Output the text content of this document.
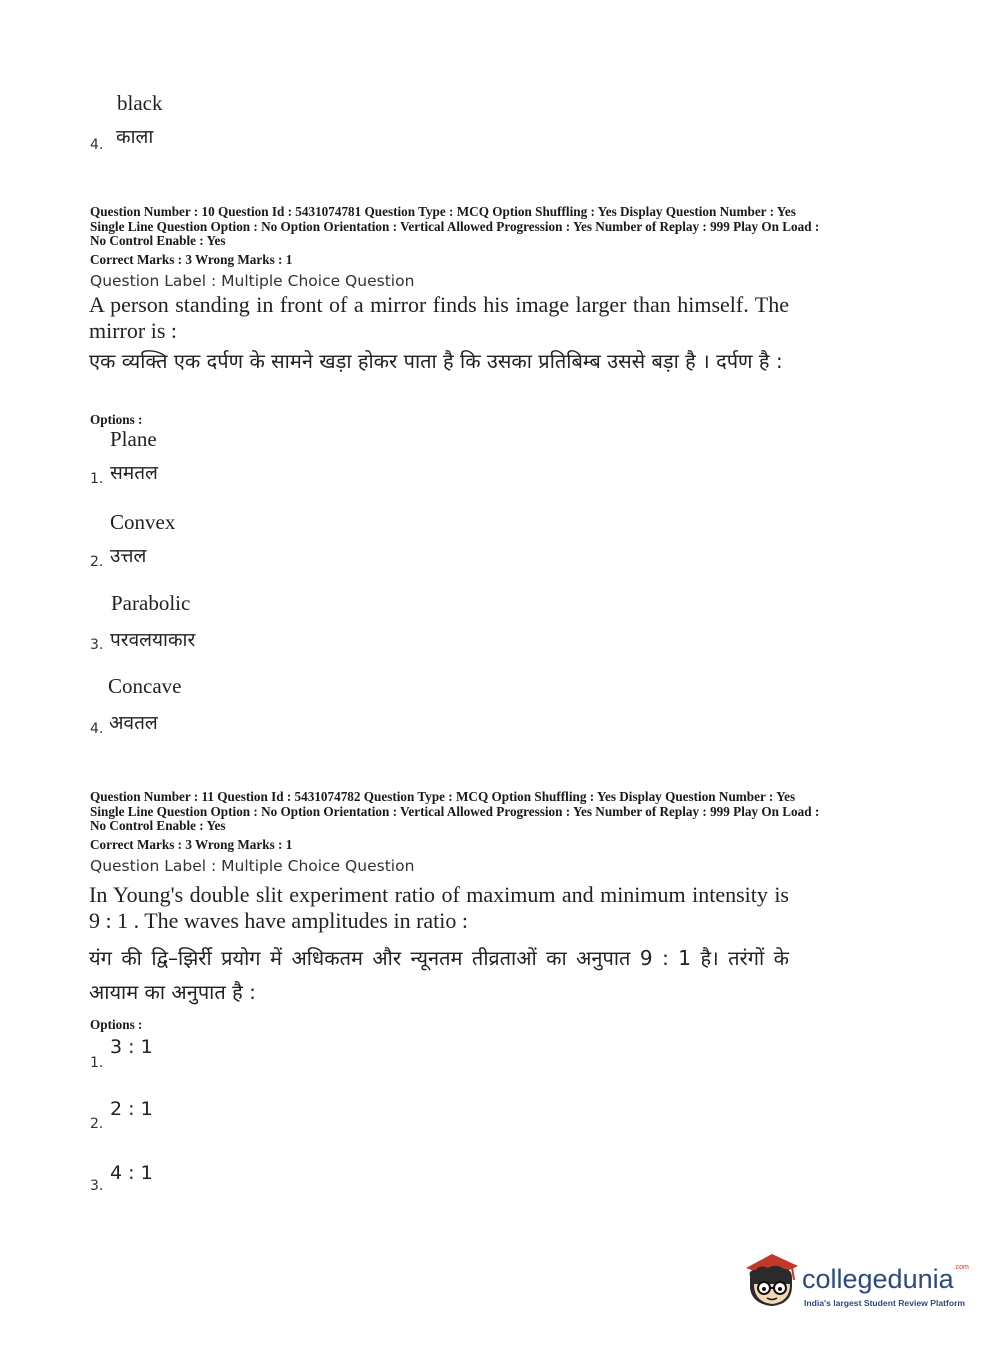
black
4. काला
Question Number : 10 Question Id : 5431074781 Question Type : MCQ Option Shuffling : Yes Display Question Number : Yes
Single Line Question Option : No Option Orientation : Vertical Allowed Progression : Yes Number of Replay : 999 Play On Load :
No Control Enable : Yes
Correct Marks : 3 Wrong Marks : 1
Question Label : Multiple Choice Question
A person standing in front of a mirror finds his image larger than himself. The mirror is :
एक व्यक्ति एक दर्पण के सामने खड़ा होकर पाता है कि उसका प्रतिबिम्ब उससे बड़ा है । दर्पण है :
Options :
Plane
1. समतल
Convex
2. उत्तल
Parabolic
3. परवलयाकार
Concave
4. अवतल
Question Number : 11 Question Id : 5431074782 Question Type : MCQ Option Shuffling : Yes Display Question Number : Yes
Single Line Question Option : No Option Orientation : Vertical Allowed Progression : Yes Number of Replay : 999 Play On Load :
No Control Enable : Yes
Correct Marks : 3 Wrong Marks : 1
Question Label : Multiple Choice Question
In Young's double slit experiment ratio of maximum and minimum intensity is 9 : 1 . The waves have amplitudes in ratio :
यंग की द्वि–झिर्री प्रयोग में अधिकतम और न्यूनतम तीव्रताओं का अनुपात 9 : 1 है। तरंगों के आयाम का अनुपात है :
Options :
1.
3 : 1
2.
2 : 1
3.
4 : 1
collegedunia$^{.com}$
India's largest Student Review Platform
